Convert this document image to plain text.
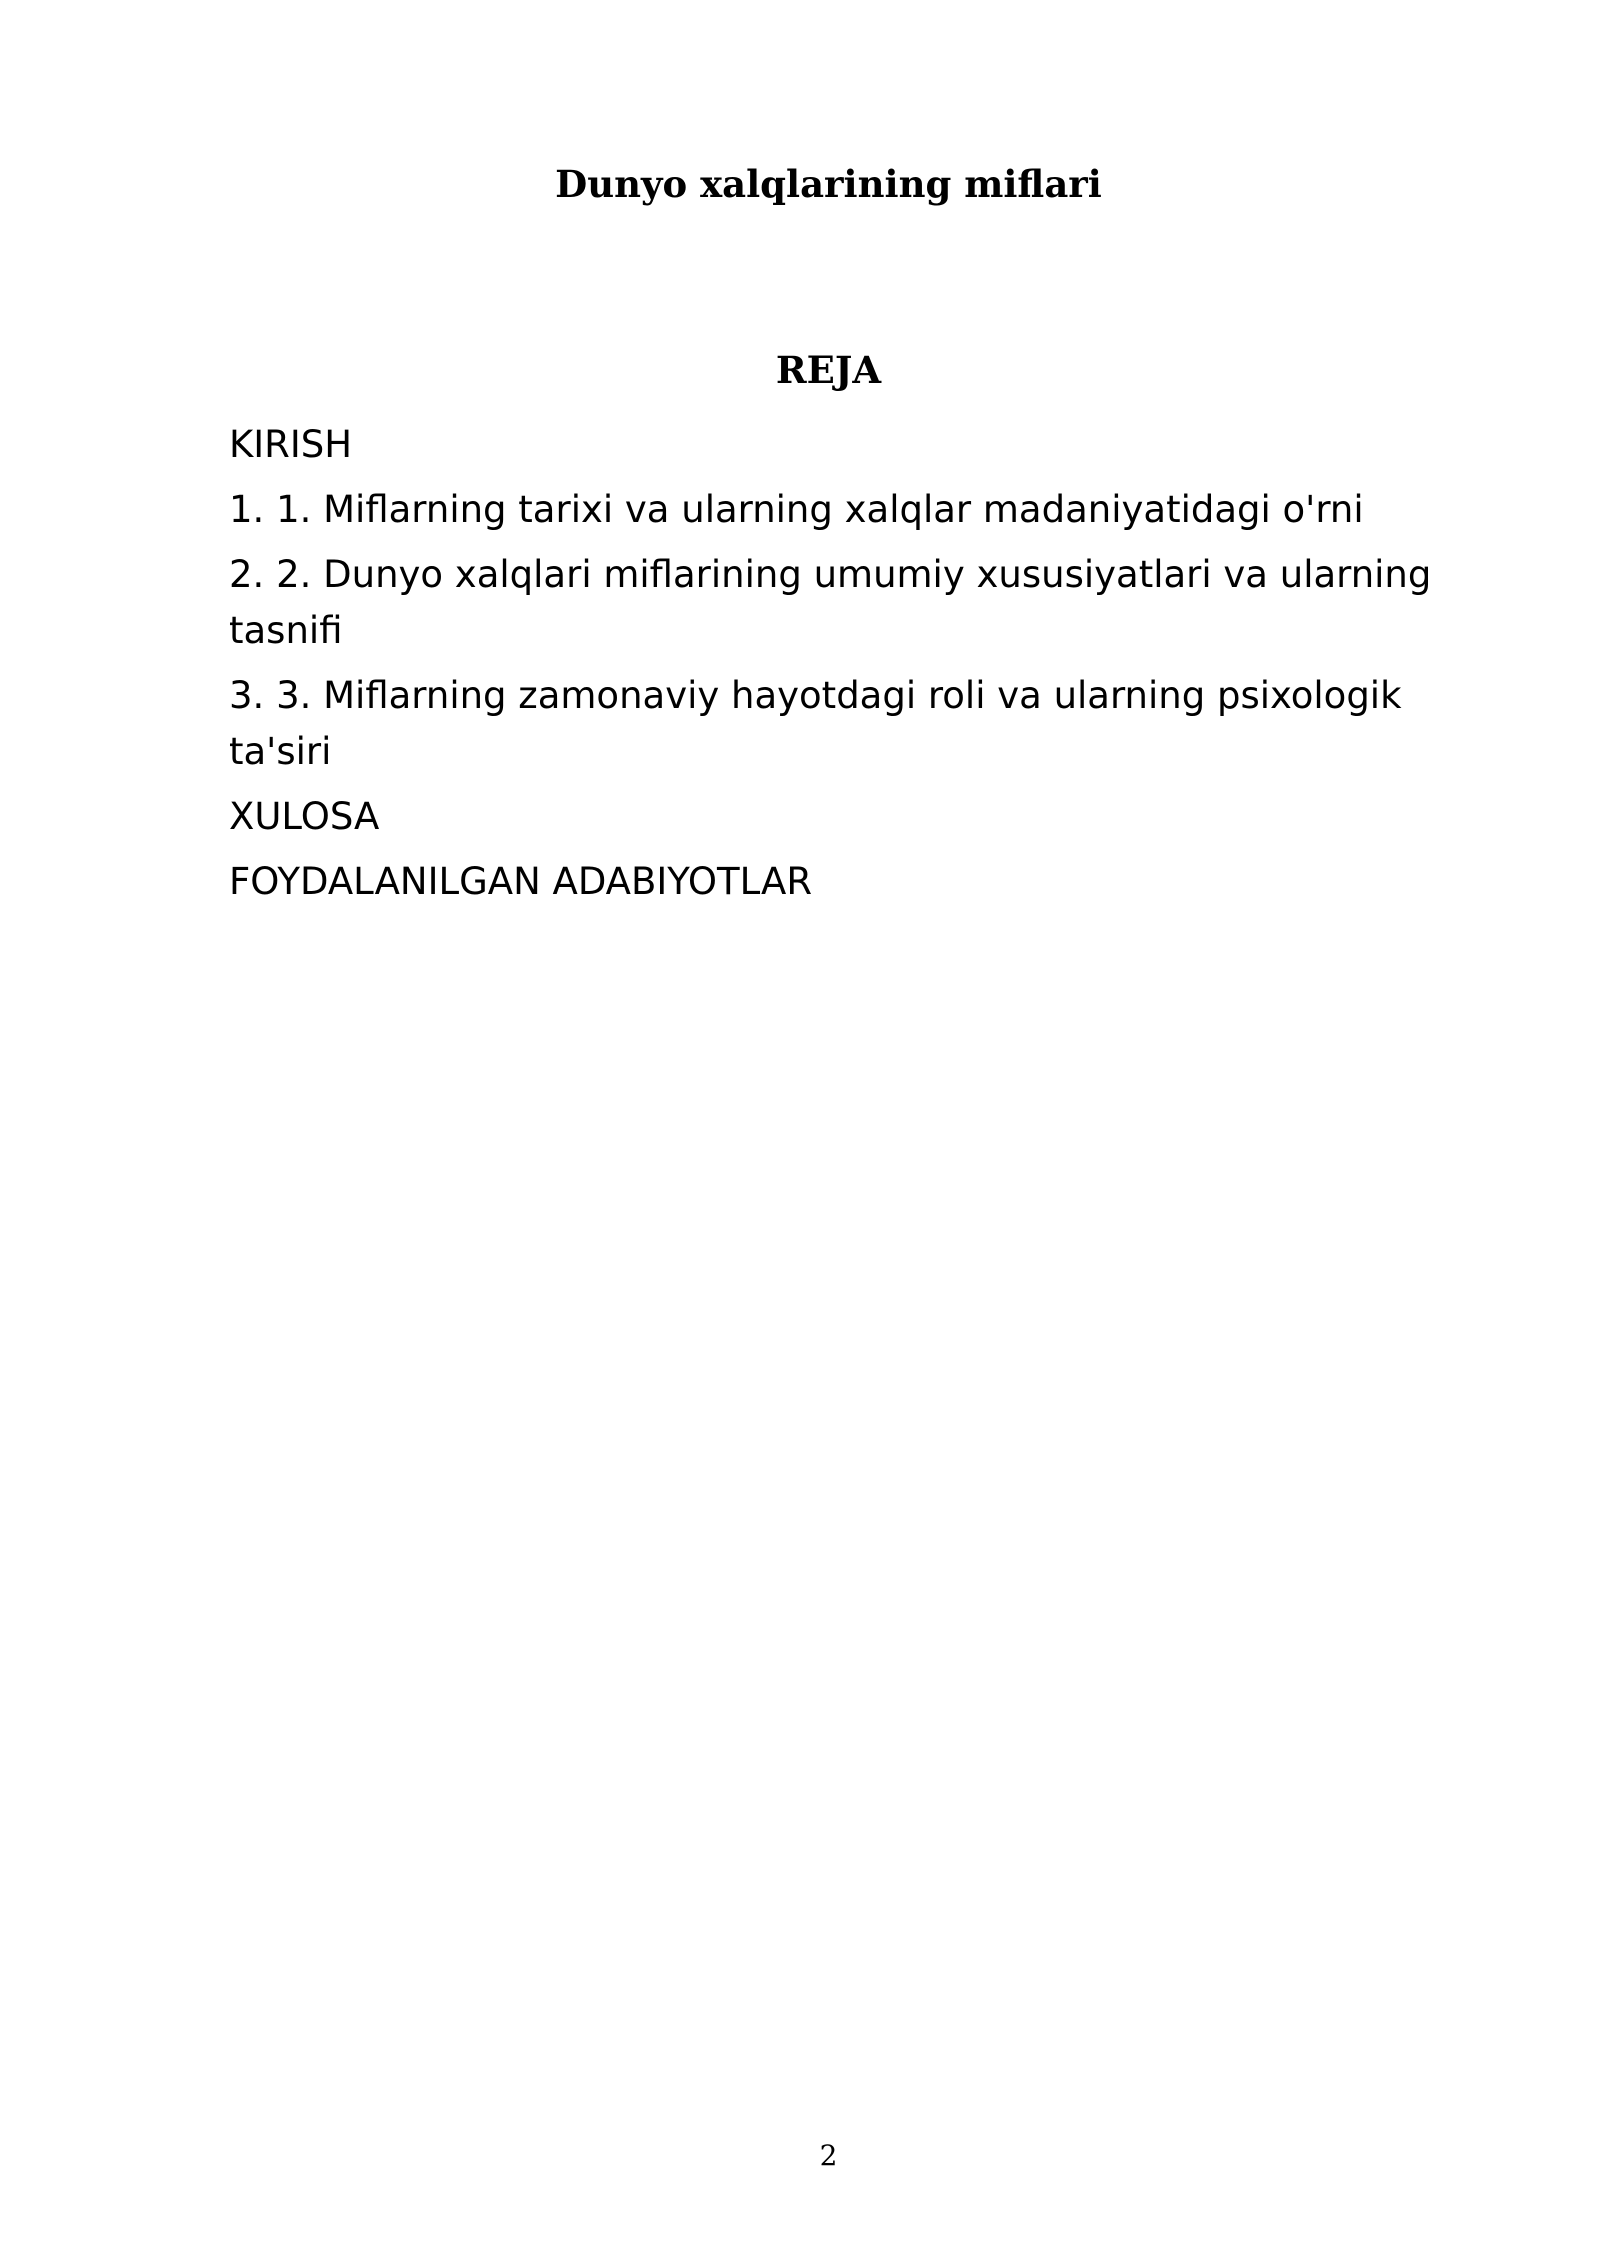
Dunyo xalqlarining miflari
REJA
KIRISH
1. 1. Miflarning tarixi va ularning xalqlar madaniyatidagi o'rni
2. 2. Dunyo xalqlari miflarining umumiy xususiyatlari va ularning tasnifi
3. 3. Miflarning zamonaviy hayotdagi roli va ularning psixologik ta'siri
XULOSA
FOYDALANILGAN ADABIYOTLAR
2
